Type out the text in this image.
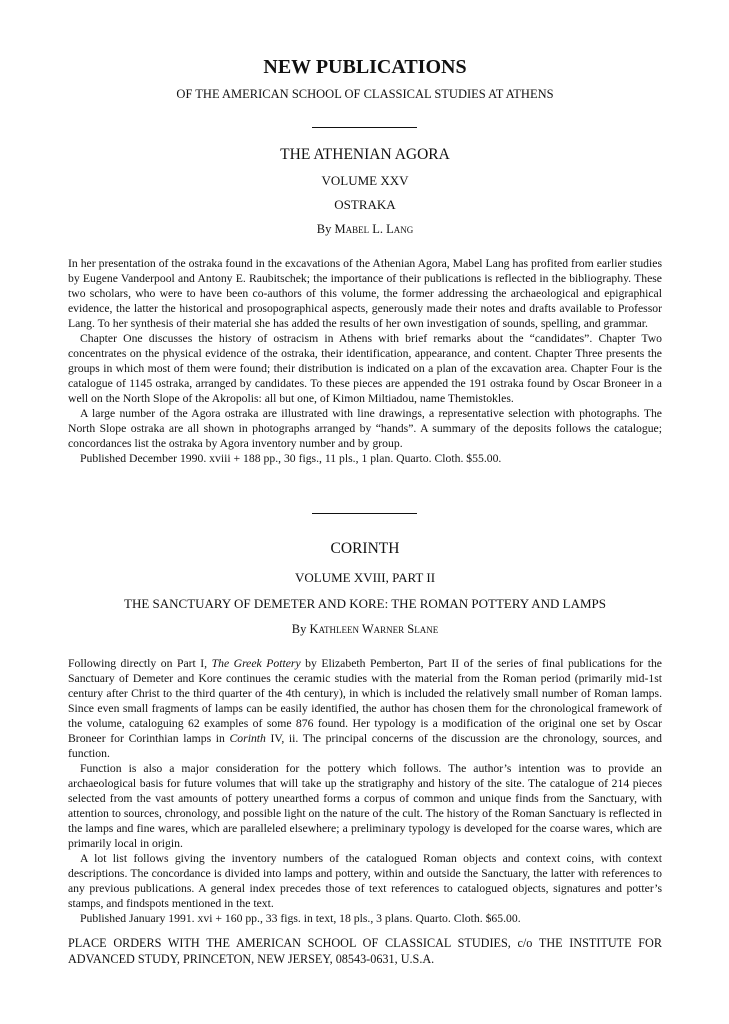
NEW PUBLICATIONS
OF THE AMERICAN SCHOOL OF CLASSICAL STUDIES AT ATHENS
THE ATHENIAN AGORA
VOLUME XXV
OSTRAKA
By Mabel L. Lang

In her presentation of the ostraka found in the excavations of the Athenian Agora, Mabel Lang has profited from earlier studies by Eugene Vanderpool and Antony E. Raubitschek; the importance of their publications is reflected in the bibliography. These two scholars, who were to have been co-authors of this volume, the former addressing the archaeological and epigraphical evidence, the latter the historical and prosopographical aspects, generously made their notes and drafts available to Professor Lang. To her synthesis of their material she has added the results of her own investigation of sounds, spelling, and grammar.

Chapter One discusses the history of ostracism in Athens with brief remarks about the “candidates”. Chapter Two concentrates on the physical evidence of the ostraka, their identification, appearance, and content. Chapter Three presents the groups in which most of them were found; their distribution is indicated on a plan of the excavation area. Chapter Four is the catalogue of 1145 ostraka, arranged by candidates. To these pieces are appended the 191 ostraka found by Oscar Broneer in a well on the North Slope of the Akropolis: all but one, of Kimon Miltiadou, name Themistokles.

A large number of the Agora ostraka are illustrated with line drawings, a representative selection with photographs. The North Slope ostraka are all shown in photographs arranged by “hands”. A summary of the deposits follows the catalogue; concordances list the ostraka by Agora inventory number and by group.

Published December 1990. xviii + 188 pp., 30 figs., 11 pls., 1 plan. Quarto. Cloth. $55.00.

CORINTH
VOLUME XVIII, PART II
THE SANCTUARY OF DEMETER AND KORE: THE ROMAN POTTERY AND LAMPS
By Kathleen Warner Slane

Following directly on Part I, The Greek Pottery by Elizabeth Pemberton, Part II of the series of final publications for the Sanctuary of Demeter and Kore continues the ceramic studies with the material from the Roman period (primarily mid-1st century after Christ to the third quarter of the 4th century), in which is included the relatively small number of Roman lamps. Since even small fragments of lamps can be easily identified, the author has chosen them for the chronological framework of the volume, cataloguing 62 examples of some 876 found. Her typology is a modification of the original one set by Oscar Broneer for Corinthian lamps in Corinth IV, ii. The principal concerns of the discussion are the chronology, sources, and function.

Function is also a major consideration for the pottery which follows. The author’s intention was to provide an archaeological basis for future volumes that will take up the stratigraphy and history of the site. The catalogue of 214 pieces selected from the vast amounts of pottery unearthed forms a corpus of common and unique finds from the Sanctuary, with attention to sources, chronology, and possible light on the nature of the cult. The history of the Roman Sanctuary is reflected in the lamps and fine wares, which are paralleled elsewhere; a preliminary typology is developed for the coarse wares, which are primarily local in origin.

A lot list follows giving the inventory numbers of the catalogued Roman objects and context coins, with context descriptions. The concordance is divided into lamps and pottery, within and outside the Sanctuary, the latter with references to any previous publications. A general index precedes those of text references to catalogued objects, signatures and potter’s stamps, and findspots mentioned in the text.

Published January 1991. xvi + 160 pp., 33 figs. in text, 18 pls., 3 plans. Quarto. Cloth. $65.00.

PLACE ORDERS WITH THE AMERICAN SCHOOL OF CLASSICAL STUDIES, c/o THE INSTITUTE FOR ADVANCED STUDY, PRINCETON, NEW JERSEY, 08543-0631, U.S.A.
